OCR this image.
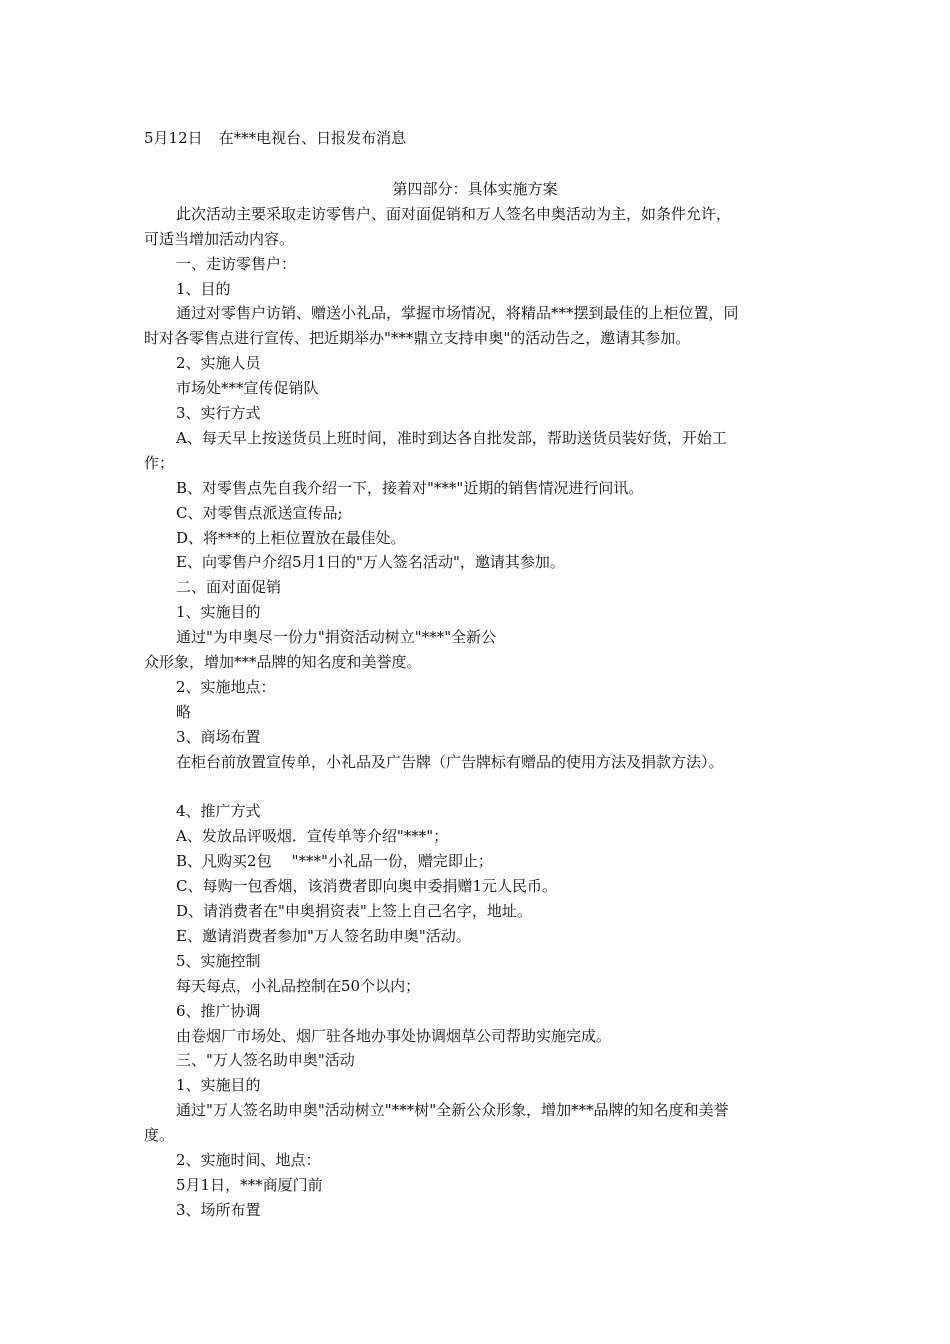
5月12日 在***电视台、日报发布消息
第四部分：具体实施方案
此次活动主要采取走访零售户、面对面促销和万人签名申奥活动为主，如条件允许，
可适当增加活动内容。
一、走访零售户：
1、目的
通过对零售户访销、赠送小礼品，掌握市场情况，将精品***摆到最佳的上柜位置，同
时对各零售点进行宣传、把近期举办"***鼎立支持申奥"的活动告之，邀请其参加。
2、实施人员
市场处***宣传促销队
3、实行方式
A、每天早上按送货员上班时间，准时到达各自批发部，帮助送货员装好货，开始工
作；
B、对零售点先自我介绍一下，接着对"***"近期的销售情况进行问讯。
C、对零售点派送宣传品;
D、将***的上柜位置放在最佳处。
E、向零售户介绍5月1日的"万人签名活动"，邀请其参加。
二、面对面促销
1、实施目的
通过"为申奥尽一份力"捐资活动树立"***"全新公
众形象，增加***品牌的知名度和美誉度。
2、实施地点：
略
3、商场布置
在柜台前放置宣传单，小礼品及广告牌（广告牌标有赠品的使用方法及捐款方法）。
4、推广方式
A、发放品评吸烟．宣传单等介绍"***"；
B、凡购买2包 "***"小礼品一份，赠完即止；
C、每购一包香烟，该消费者即向奥申委捐赠1元人民币。
D、请消费者在"申奥捐资表"上签上自己名字，地址。
E、邀请消费者参加"万人签名助申奥"活动。
5、实施控制
每天每点，小礼品控制在50个以内；
6、推广协调
由卷烟厂市场处、烟厂驻各地办事处协调烟草公司帮助实施完成。
三、"万人签名助申奥"活动
1、实施目的
通过"万人签名助申奥"活动树立"***树"全新公众形象，增加***品牌的知名度和美誉
度。
2、实施时间、地点：
5月1日，***商厦门前
3、场所布置
